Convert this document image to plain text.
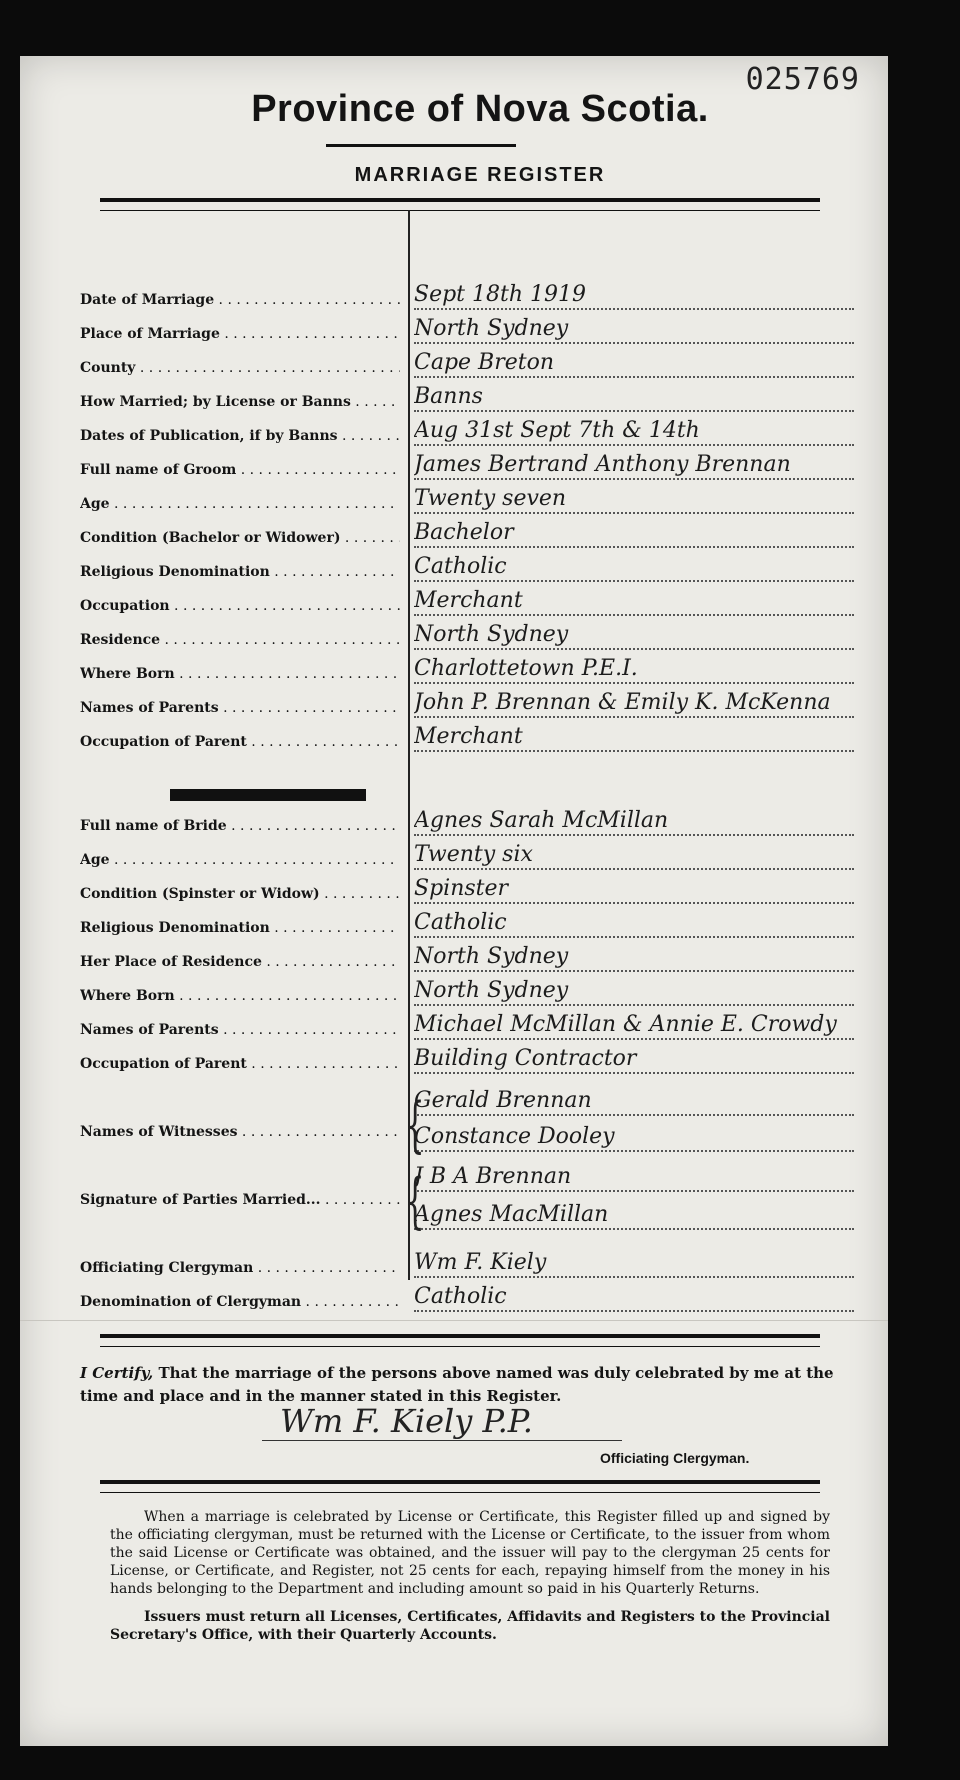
025769
Province of Nova Scotia.
MARRIAGE REGISTER
Date of Marriage . . .	Sept 18th 1919
Place of Marriage . . .	North Sydney
County . . .	Cape Breton
How Married; by License or Banns . . .	Banns
Dates of Publication, if by Banns . . .	Aug 31st Sept 7th & 14th
Full name of Groom . . .	James Bertrand Anthony Brennan
Age . . .	Twenty seven
Condition (Bachelor or Widower) . . .	Bachelor
Religious Denomination . . .	Catholic
Occupation . . .	Merchant
Residence . . .	North Sydney
Where Born . . .	Charlottetown P.E.I.
Names of Parents . . .	John P. Brennan & Emily K. McKenna
Occupation of Parent . . .	Merchant
Full name of Bride . . .	Agnes Sarah McMillan
Age . . .	Twenty six
Condition (Spinster or Widow) . . .	Spinster
Religious Denomination . . .	Catholic
Her Place of Residence . . .	North Sydney
Where Born . . .	North Sydney
Names of Parents . . .	Michael McMillan & Annie E. Crowdy
Occupation of Parent . . .	Building Contractor
Names of Witnesses . . .
Gerald Brennan
Constance Dooley
Signature of Parties Married... . . .
J B A Brennan
Agnes MacMillan
Officiating Clergyman . . .	Wm F. Kiely
Denomination of Clergyman . . .	Catholic
{
{
I Certify, That the marriage of the persons above named was duly celebrated by me at the time and place and in the manner stated in this Register.
Wm F. Kiely P.P.
Officiating Clergyman.

When a marriage is celebrated by License or Certificate, this Register filled up and signed by the officiating clergyman, must be returned with the License or Certificate, to the issuer from whom the said License or Certificate was obtained, and the issuer will pay to the clergyman 25 cents for License, or Certificate, and Register, not 25 cents for each, repaying himself from the money in his hands belonging to the Department and including amount so paid in his Quarterly Returns.

Issuers must return all Licenses, Certificates, Affidavits and Registers to the Provincial Secretary's Office, with their Quarterly Accounts.
